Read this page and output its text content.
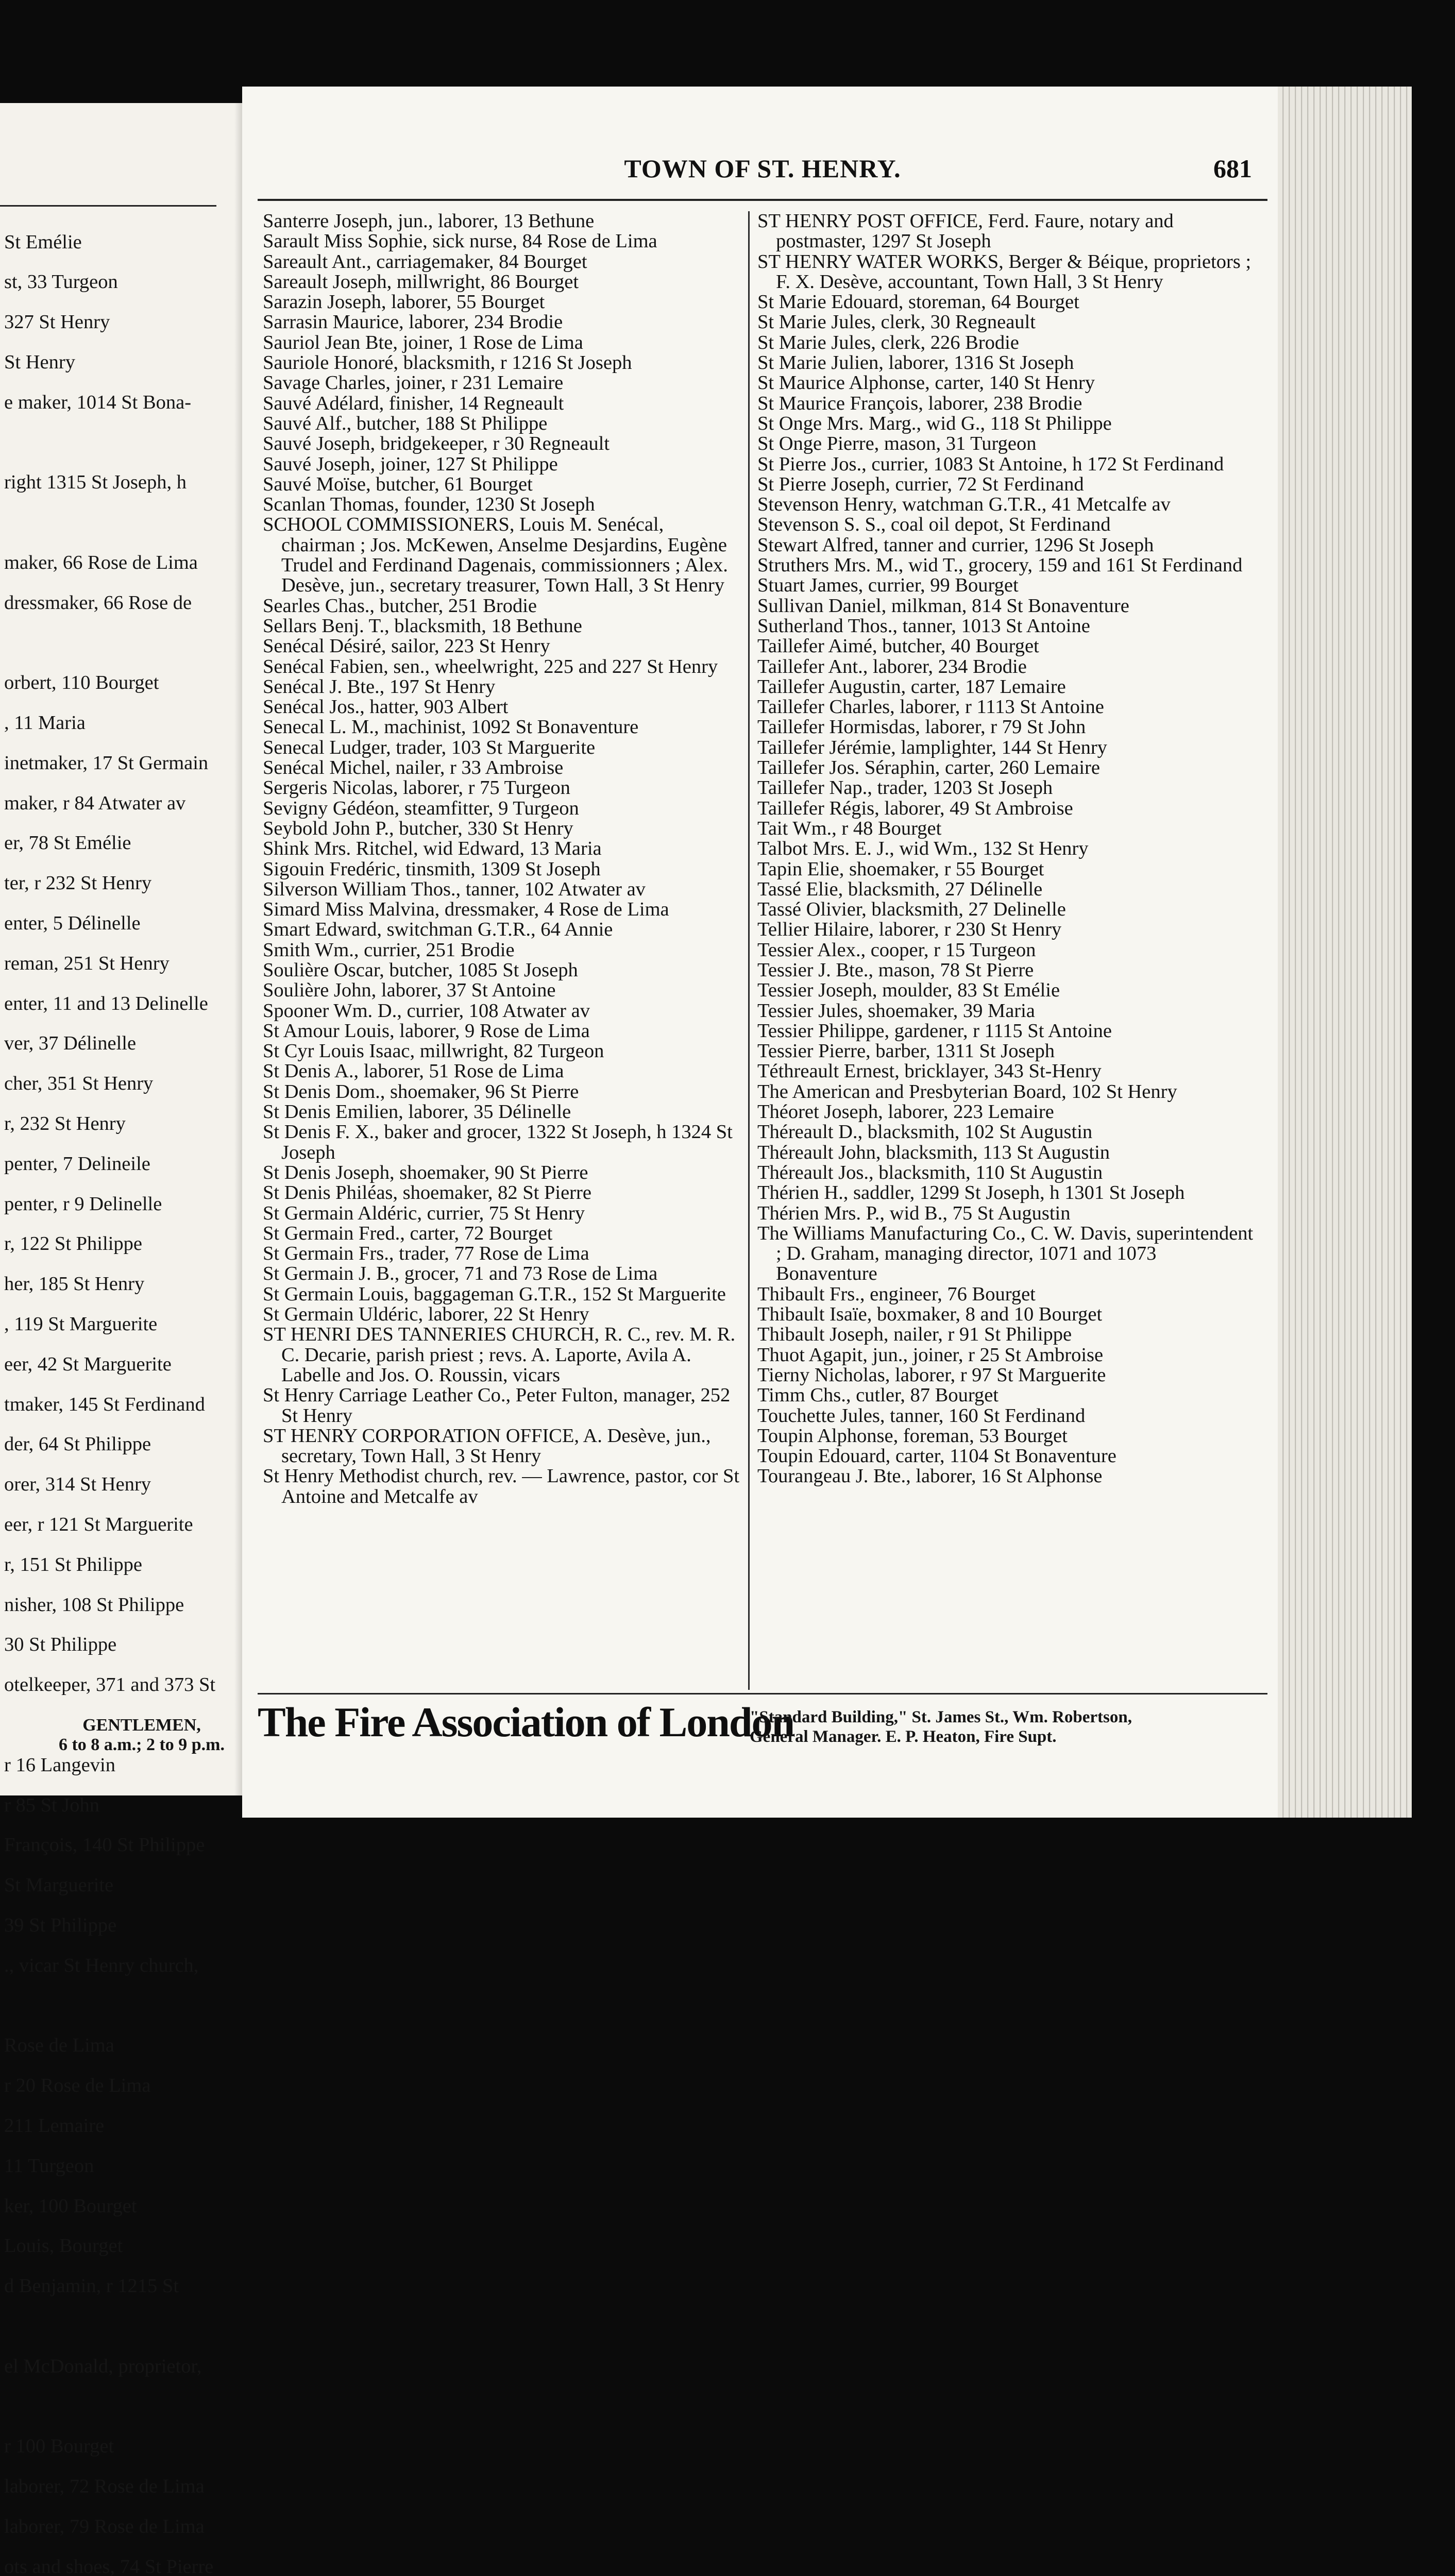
St Emélie

st, 33 Turgeon

327 St Henry

St Henry

e maker, 1014 St Bona-

right 1315 St Joseph, h

maker, 66 Rose de Lima

dressmaker, 66 Rose de

orbert, 110 Bourget

, 11 Maria

inetmaker, 17 St Germain

maker, r 84 Atwater av

er, 78 St Emélie

ter, r 232 St Henry

enter, 5 Délinelle

reman, 251 St Henry

enter, 11 and 13 Delinelle

ver, 37 Délinelle

cher, 351 St Henry

r, 232 St Henry

penter, 7 Delineile

penter, r 9 Delinelle

r, 122 St Philippe

her, 185 St Henry

, 119 St Marguerite

eer, 42 St Marguerite

tmaker, 145 St Ferdinand

der, 64 St Philippe

orer, 314 St Henry

eer, r 121 St Marguerite

r, 151 St Philippe

nisher, 108 St Philippe

30 St Philippe

otelkeeper, 371 and 373 St

r 16 Langevin

r 85 St John

François, 140 St Philippe

St Marguerite

39 St Philippe

., vicar St Henry church,

Rose de Lima

r 20 Rose de Lima

211 Lemaire

11 Turgeon

ker, 100 Bourget

Louis, Bourget

d Benjamin, r 1215 St

el McDonald, proprietor,

r 100 Bourget

laborer, 72 Rose de Lima

laborer, 79 Rose de Lima

ots and shoes, 74 St Pierre

GENTLEMEN,
6 to 8 a.m.; 2 to 9 p.m.
TOWN OF ST. HENRY.	681

Santerre Joseph, jun., laborer, 13 Bethune

Sarault Miss Sophie, sick nurse, 84 Rose de Lima

Sareault Ant., carriagemaker, 84 Bourget

Sareault Joseph, millwright, 86 Bourget

Sarazin Joseph, laborer, 55 Bourget

Sarrasin Maurice, laborer, 234 Brodie

Sauriol Jean Bte, joiner, 1 Rose de Lima

Sauriole Honoré, blacksmith, r 1216 St Joseph

Savage Charles, joiner, r 231 Lemaire

Sauvé Adélard, finisher, 14 Regneault

Sauvé Alf., butcher, 188 St Philippe

Sauvé Joseph, bridgekeeper, r 30 Regneault

Sauvé Joseph, joiner, 127 St Philippe

Sauvé Moïse, butcher, 61 Bourget

Scanlan Thomas, founder, 1230 St Joseph

SCHOOL COMMISSIONERS, Louis M. Senécal, chairman ; Jos. McKewen, Anselme Desjardins, Eugène Trudel and Ferdinand Dagenais, commissionners ; Alex. Desève, jun., secretary treasurer, Town Hall, 3 St Henry

Searles Chas., butcher, 251 Brodie

Sellars Benj. T., blacksmith, 18 Bethune

Senécal Désiré, sailor, 223 St Henry

Senécal Fabien, sen., wheelwright, 225 and 227 St Henry

Senécal J. Bte., 197 St Henry

Senécal Jos., hatter, 903 Albert

Senecal L. M., machinist, 1092 St Bonaventure

Senecal Ludger, trader, 103 St Marguerite

Senécal Michel, nailer, r 33 Ambroise

Sergeris Nicolas, laborer, r 75 Turgeon

Sevigny Gédéon, steamfitter, 9 Turgeon

Seybold John P., butcher, 330 St Henry

Shink Mrs. Ritchel, wid Edward, 13 Maria

Sigouin Fredéric, tinsmith, 1309 St Joseph

Silverson William Thos., tanner, 102 Atwater av

Simard Miss Malvina, dressmaker, 4 Rose de Lima

Smart Edward, switchman G.T.R., 64 Annie

Smith Wm., currier, 251 Brodie

Soulière Oscar, butcher, 1085 St Joseph

Soulière John, laborer, 37 St Antoine

Spooner Wm. D., currier, 108 Atwater av

St Amour Louis, laborer, 9 Rose de Lima

St Cyr Louis Isaac, millwright, 82 Turgeon

St Denis A., laborer, 51 Rose de Lima

St Denis Dom., shoemaker, 96 St Pierre

St Denis Emilien, laborer, 35 Délinelle

St Denis F. X., baker and grocer, 1322 St Joseph, h 1324 St Joseph

St Denis Joseph, shoemaker, 90 St Pierre

St Denis Philéas, shoemaker, 82 St Pierre

St Germain Aldéric, currier, 75 St Henry

St Germain Fred., carter, 72 Bourget

St Germain Frs., trader, 77 Rose de Lima

St Germain J. B., grocer, 71 and 73 Rose de Lima

St Germain Louis, baggageman G.T.R., 152 St Marguerite

St Germain Uldéric, laborer, 22 St Henry

ST HENRI DES TANNERIES CHURCH, R. C., rev. M. R. C. Decarie, parish priest ; revs. A. Laporte, Avila A. Labelle and Jos. O. Roussin, vicars

St Henry Carriage Leather Co., Peter Fulton, manager, 252 St Henry

ST HENRY CORPORATION OFFICE, A. Desève, jun., secretary, Town Hall, 3 St Henry

St Henry Methodist church, rev. — Lawrence, pastor, cor St Antoine and Metcalfe av

ST HENRY POST OFFICE, Ferd. Faure, notary and postmaster, 1297 St Joseph

ST HENRY WATER WORKS, Berger & Béique, proprietors ; F. X. Desève, accountant, Town Hall, 3 St Henry

St Marie Edouard, storeman, 64 Bourget

St Marie Jules, clerk, 30 Regneault

St Marie Jules, clerk, 226 Brodie

St Marie Julien, laborer, 1316 St Joseph

St Maurice Alphonse, carter, 140 St Henry

St Maurice François, laborer, 238 Brodie

St Onge Mrs. Marg., wid G., 118 St Philippe

St Onge Pierre, mason, 31 Turgeon

St Pierre Jos., currier, 1083 St Antoine, h 172 St Ferdinand

St Pierre Joseph, currier, 72 St Ferdinand

Stevenson Henry, watchman G.T.R., 41 Metcalfe av

Stevenson S. S., coal oil depot, St Ferdinand

Stewart Alfred, tanner and currier, 1296 St Joseph

Struthers Mrs. M., wid T., grocery, 159 and 161 St Ferdinand

Stuart James, currier, 99 Bourget

Sullivan Daniel, milkman, 814 St Bonaventure

Sutherland Thos., tanner, 1013 St Antoine

Taillefer Aimé, butcher, 40 Bourget

Taillefer Ant., laborer, 234 Brodie

Taillefer Augustin, carter, 187 Lemaire

Taillefer Charles, laborer, r 1113 St Antoine

Taillefer Hormisdas, laborer, r 79 St John

Taillefer Jérémie, lamplighter, 144 St Henry

Taillefer Jos. Séraphin, carter, 260 Lemaire

Taillefer Nap., trader, 1203 St Joseph

Taillefer Régis, laborer, 49 St Ambroise

Tait Wm., r 48 Bourget

Talbot Mrs. E. J., wid Wm., 132 St Henry

Tapin Elie, shoemaker, r 55 Bourget

Tassé Elie, blacksmith, 27 Délinelle

Tassé Olivier, blacksmith, 27 Delinelle

Tellier Hilaire, laborer, r 230 St Henry

Tessier Alex., cooper, r 15 Turgeon

Tessier J. Bte., mason, 78 St Pierre

Tessier Joseph, moulder, 83 St Emélie

Tessier Jules, shoemaker, 39 Maria

Tessier Philippe, gardener, r 1115 St Antoine

Tessier Pierre, barber, 1311 St Joseph

Téthreault Ernest, bricklayer, 343 St-Henry

The American and Presbyterian Board, 102 St Henry

Théoret Joseph, laborer, 223 Lemaire

Théreault D., blacksmith, 102 St Augustin

Théreault John, blacksmith, 113 St Augustin

Théreault Jos., blacksmith, 110 St Augustin

Thérien H., saddler, 1299 St Joseph, h 1301 St Joseph

Thérien Mrs. P., wid B., 75 St Augustin

The Williams Manufacturing Co., C. W. Davis, superintendent ; D. Graham, managing director, 1071 and 1073 Bonaventure

Thibault Frs., engineer, 76 Bourget

Thibault Isaïe, boxmaker, 8 and 10 Bourget

Thibault Joseph, nailer, r 91 St Philippe

Thuot Agapit, jun., joiner, r 25 St Ambroise

Tierny Nicholas, laborer, r 97 St Marguerite

Timm Chs., cutler, 87 Bourget

Touchette Jules, tanner, 160 St Ferdinand

Toupin Alphonse, foreman, 53 Bourget

Toupin Edouard, carter, 1104 St Bonaventure

Tourangeau J. Bte., laborer, 16 St Alphonse

The Fire Association of London
"Standard Building," St. James St., Wm. Robertson,
General Manager. E. P. Heaton, Fire Supt.
